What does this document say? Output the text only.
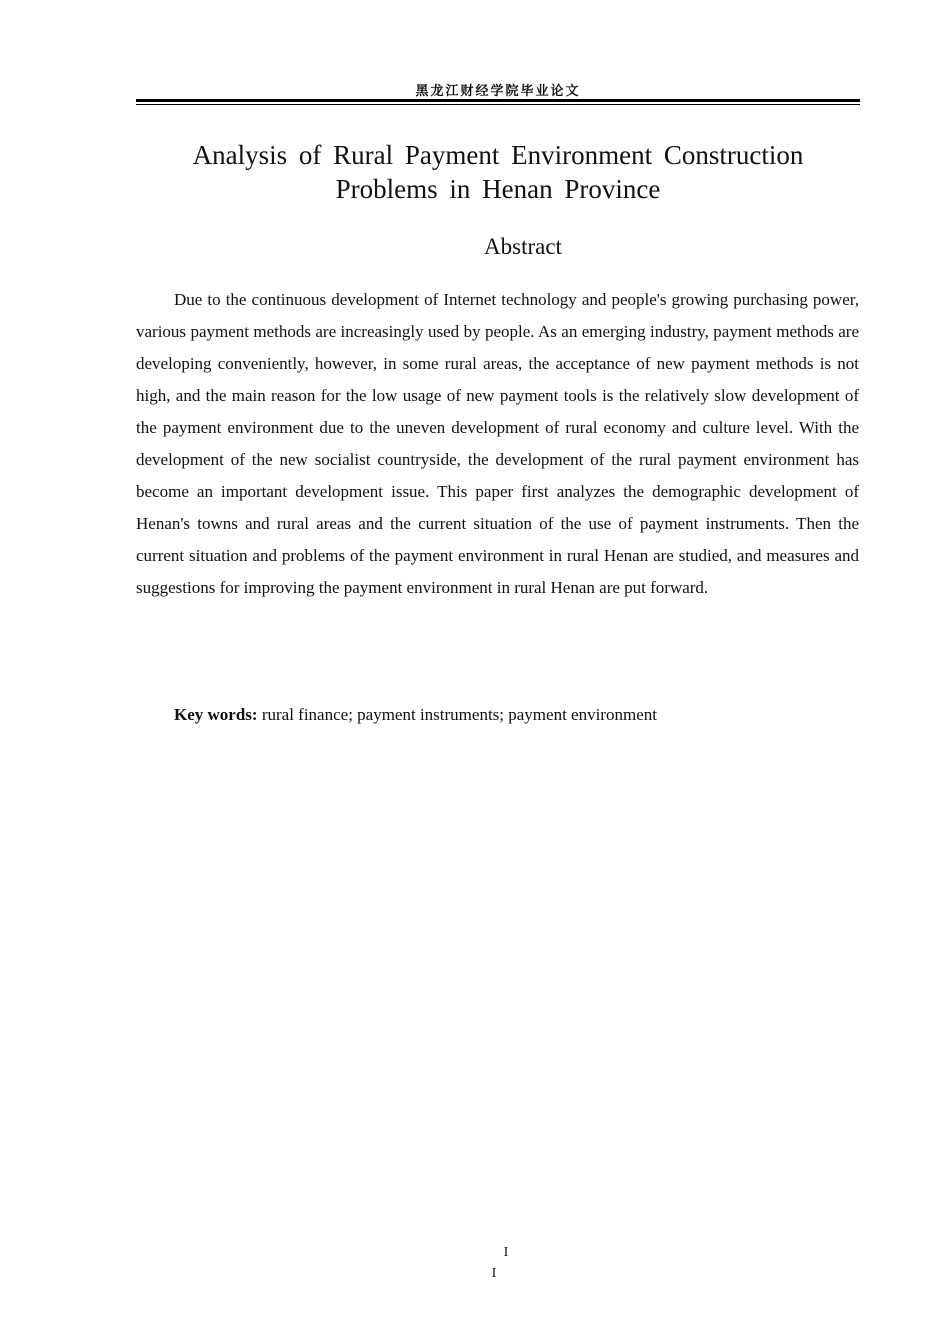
黑龙江财经学院毕业论文
Analysis of Rural Payment Environment Construction Problems in Henan Province
Abstract

Due to the continuous development of Internet technology and people's growing purchasing power, various payment methods are increasingly used by people. As an emerging industry, payment methods are developing conveniently, however, in some rural areas, the acceptance of new payment methods is not high, and the main reason for the low usage of new payment tools is the relatively slow development of the payment environment due to the uneven development of rural economy and culture level. With the development of the new socialist countryside, the development of the rural payment environment has become an important development issue. This paper first analyzes the demographic development of Henan's towns and rural areas and the current situation of the use of payment instruments. Then the current situation and problems of the payment environment in rural Henan are studied, and measures and suggestions for improving the payment environment in rural Henan are put forward.

Key words: rural finance; payment instruments; payment environment

I
I
